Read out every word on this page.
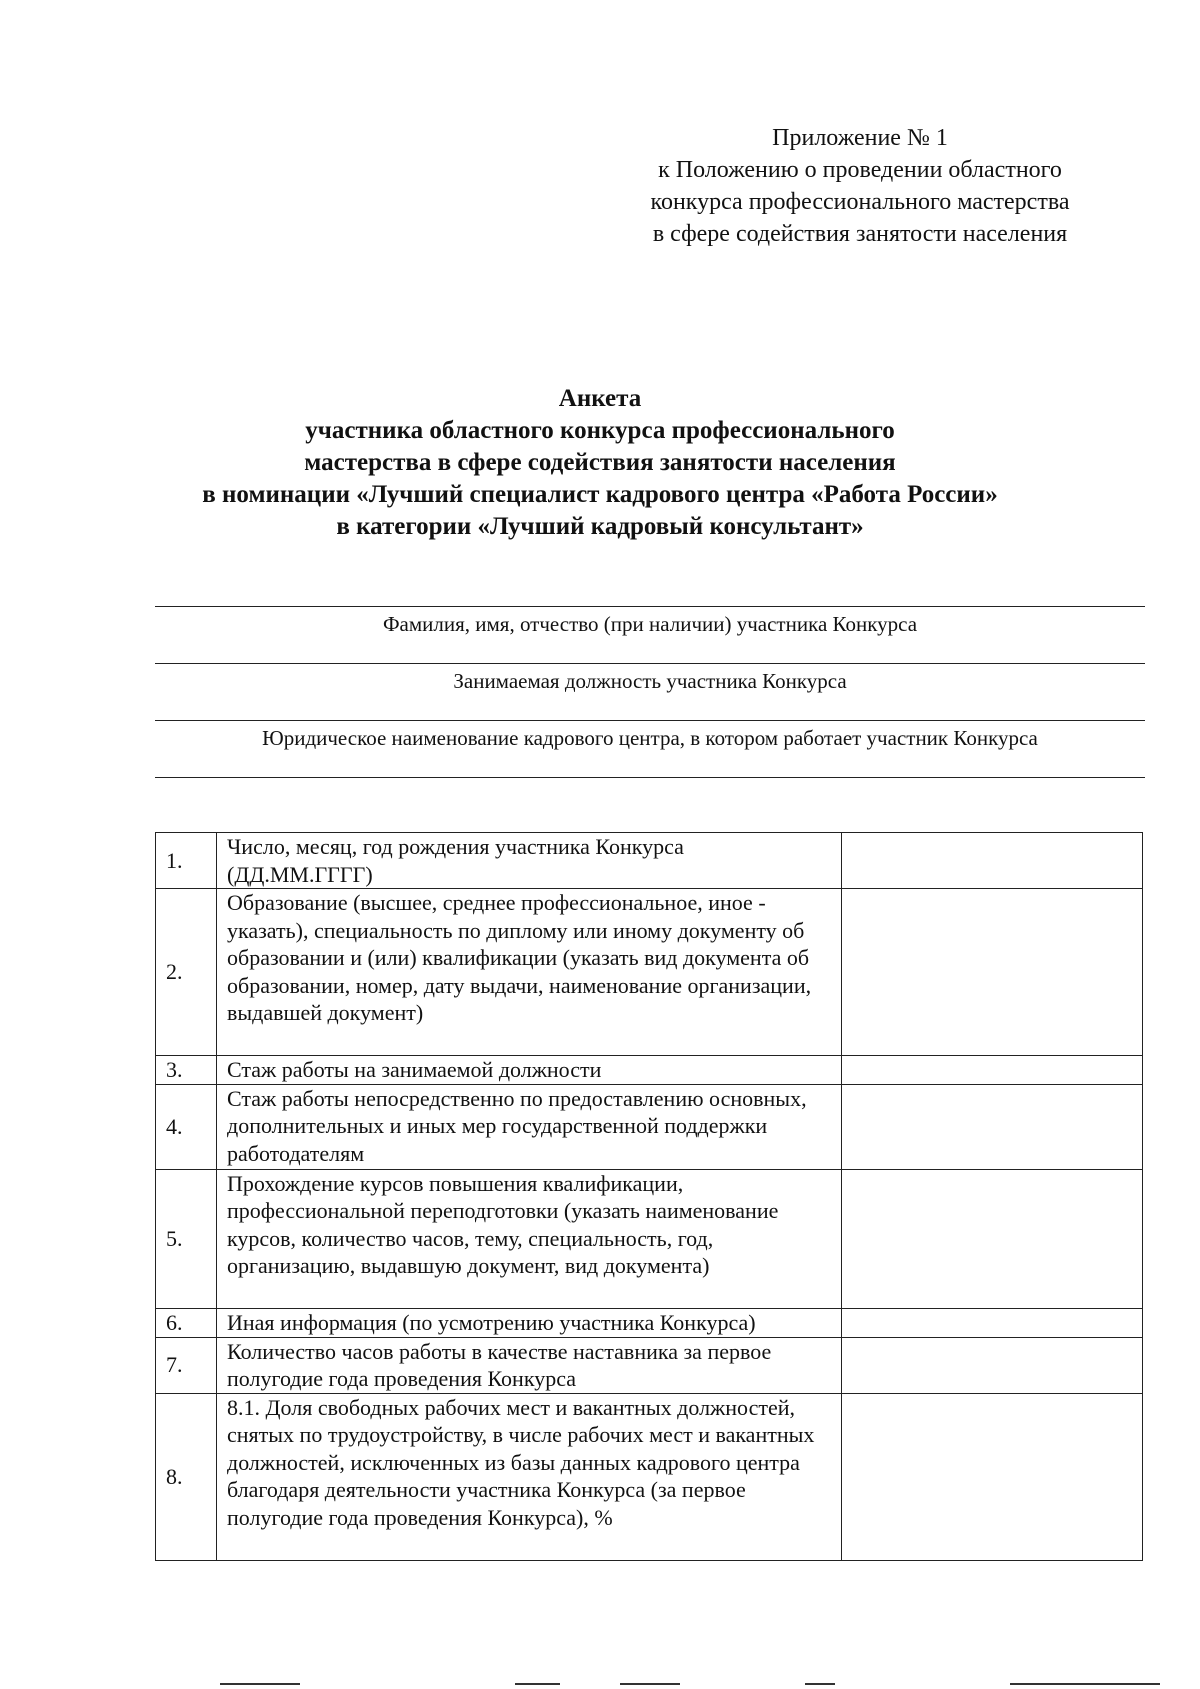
Приложение № 1
к Положению о проведении областного
конкурса профессионального мастерства
в сфере содействия занятости населения
Анкета
участника областного конкурса профессионального
мастерства в сфере содействия занятости населения
в номинации «Лучший специалист кадрового центра «Работа России»
в категории «Лучший кадровый консультант»
Фамилия, имя, отчество (при наличии) участника Конкурса
Занимаемая должность участника Конкурса
Юридическое наименование кадрового центра, в котором работает участник Конкурса
1.	Число, месяц, год рождения участника Конкурса (ДД.ММ.ГГГГ)	
2.	Образование (высшее, среднее профессиональное, иное - указать), специальность по диплому или иному документу об образовании и (или) квалификации (указать вид документа об образовании, номер, дату выдачи, наименование организации, выдавшей документ)	
3.	Стаж работы на занимаемой должности	
4.	Стаж работы непосредственно по предоставлению основных, дополнительных и иных мер государственной поддержки работодателям	
5.	Прохождение курсов повышения квалификации, профессиональной переподготовки (указать наименование курсов, количество часов, тему, специальность, год, организацию, выдавшую документ, вид документа)	
6.	Иная информация (по усмотрению участника Конкурса)	
7.	Количество часов работы в качестве наставника за первое полугодие года проведения Конкурса	
8.	8.1. Доля свободных рабочих мест и вакантных должностей, снятых по трудоустройству, в числе рабочих мест и вакантных должностей, исключенных из базы данных кадрового центра благодаря деятельности участника Конкурса (за первое полугодие года проведения Конкурса), %	
